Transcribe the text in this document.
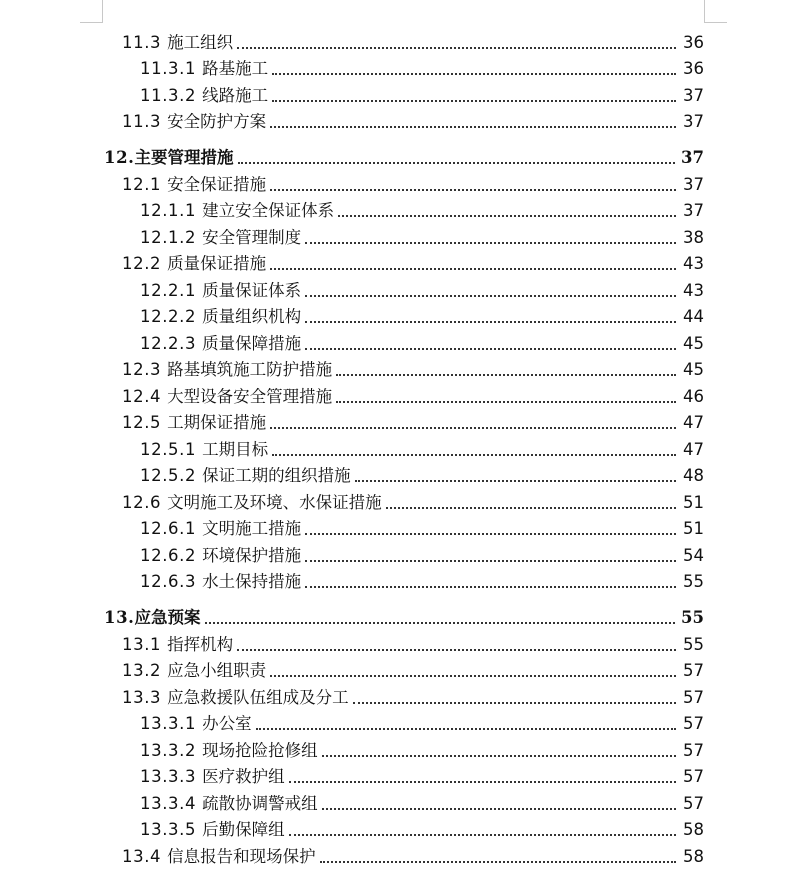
11.3 施工组织	36
11.3.1 路基施工	36
11.3.2 线路施工	37
11.3 安全防护方案	37
12. 主要管理措施	37
12.1 安全保证措施	37
12.1.1 建立安全保证体系	37
12.1.2 安全管理制度	38
12.2 质量保证措施	43
12.2.1 质量保证体系	43
12.2.2 质量组织机构	44
12.2.3 质量保障措施	45
12.3 路基填筑施工防护措施	45
12.4 大型设备安全管理措施	46
12.5 工期保证措施	47
12.5.1 工期目标	47
12.5.2 保证工期的组织措施	48
12.6 文明施工及环境、水保证措施	51
12.6.1 文明施工措施	51
12.6.2 环境保护措施	54
12.6.3 水土保持措施	55
13. 应急预案	55
13.1 指挥机构	55
13.2 应急小组职责	57
13.3 应急救援队伍组成及分工	57
13.3.1 办公室	57
13.3.2 现场抢险抢修组	57
13.3.3 医疗救护组	57
13.3.4 疏散协调警戒组	57
13.3.5 后勤保障组	58
13.4 信息报告和现场保护	58
